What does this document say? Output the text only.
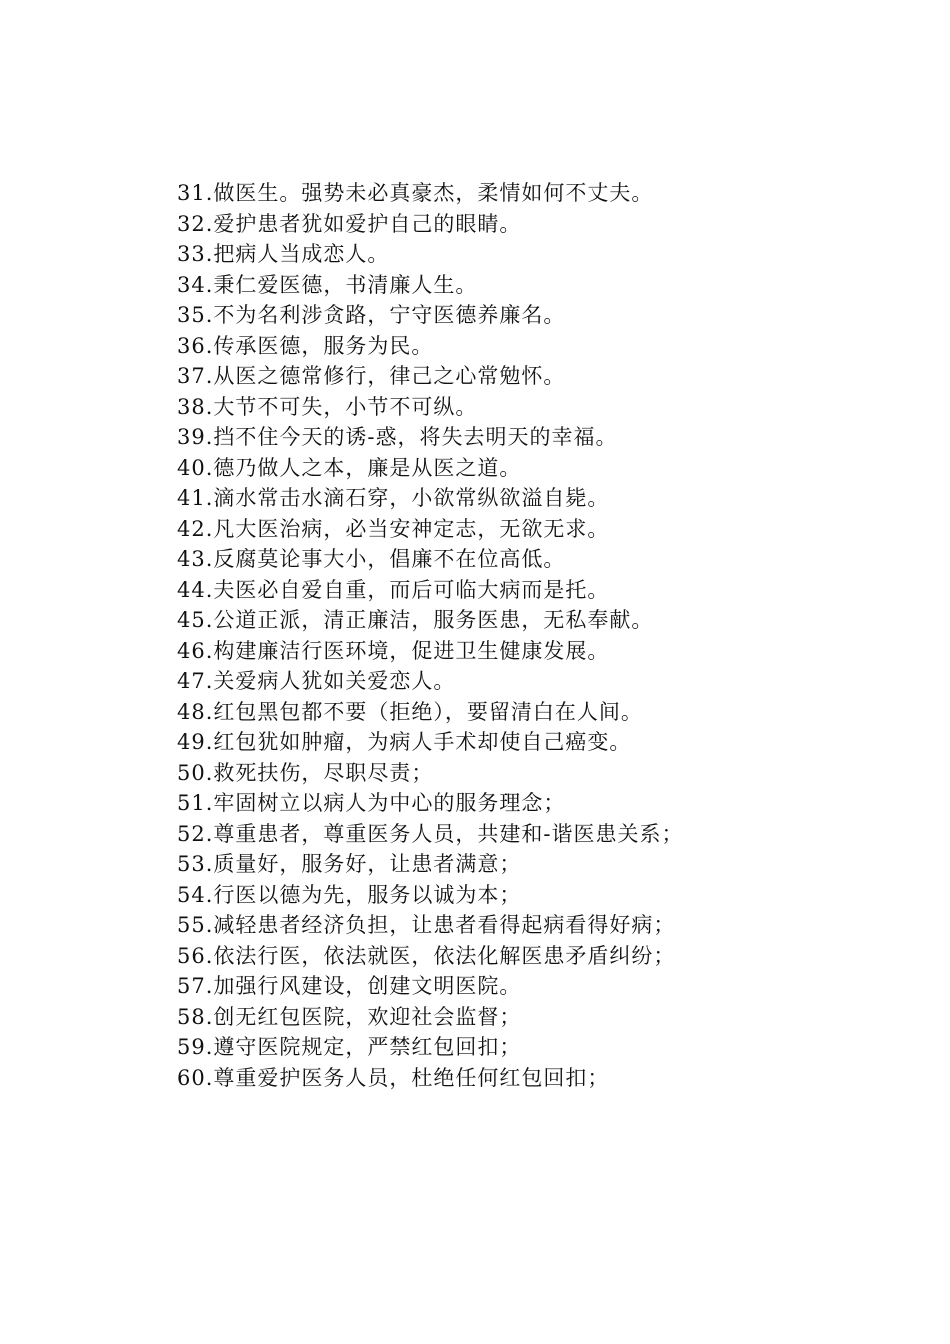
31.做医生。强势未必真豪杰，柔情如何不丈夫。
32.爱护患者犹如爱护自己的眼睛。
33.把病人当成恋人。
34.秉仁爱医德，书清廉人生。
35.不为名利涉贪路，宁守医德养廉名。
36.传承医德，服务为民。
37.从医之德常修行，律己之心常勉怀。
38.大节不可失，小节不可纵。
39.挡不住今天的诱-惑，将失去明天的幸福。
40.德乃做人之本，廉是从医之道。
41.滴水常击水滴石穿，小欲常纵欲溢自毙。
42.凡大医治病，必当安神定志，无欲无求。
43.反腐莫论事大小，倡廉不在位高低。
44.夫医必自爱自重，而后可临大病而是托。
45.公道正派，清正廉洁，服务医患，无私奉献。
46.构建廉洁行医环境，促进卫生健康发展。
47.关爱病人犹如关爱恋人。
48.红包黑包都不要（拒绝），要留清白在人间。
49.红包犹如肿瘤，为病人手术却使自己癌变。
50.救死扶伤，尽职尽责；
51.牢固树立以病人为中心的服务理念；
52.尊重患者，尊重医务人员，共建和-谐医患关系；
53.质量好，服务好，让患者满意；
54.行医以德为先，服务以诚为本；
55.减轻患者经济负担，让患者看得起病看得好病；
56.依法行医，依法就医，依法化解医患矛盾纠纷；
57.加强行风建设，创建文明医院。
58.创无红包医院，欢迎社会监督；
59.遵守医院规定，严禁红包回扣；
60.尊重爱护医务人员，杜绝任何红包回扣；
